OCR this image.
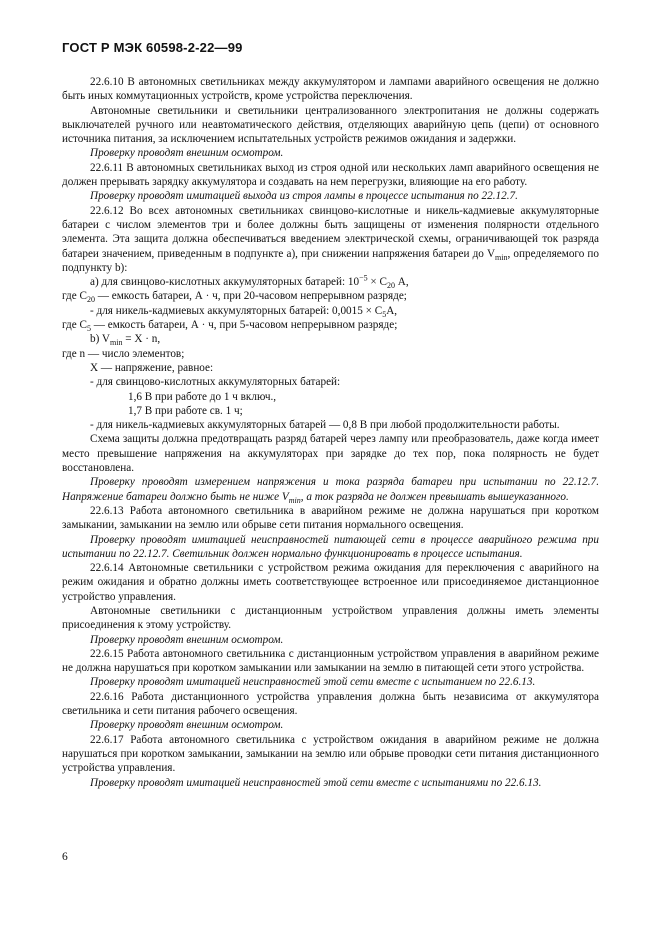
ГОСТ Р МЭК 60598-2-22—99

22.6.10 В автономных светильниках между аккумулятором и лампами аварийного освещения не должно быть иных коммутационных устройств, кроме устройства переключения.

Автономные светильники и светильники централизованного электропитания не должны содержать выключателей ручного или неавтоматического действия, отделяющих аварийную цепь (цепи) от основного источника питания, за исключением испытательных устройств режимов ожидания и задержки.

Проверку проводят внешним осмотром.

22.6.11 В автономных светильниках выход из строя одной или нескольких ламп аварийного освещения не должен прерывать зарядку аккумулятора и создавать на нем перегрузки, влияющие на его работу.

Проверку проводят имитацией выхода из строя лампы в процессе испытания по 22.12.7.

22.6.12 Во всех автономных светильниках свинцово-кислотные и никель-кадмиевые аккумуляторные батареи с числом элементов три и более должны быть защищены от изменения полярности отдельного элемента. Эта защита должна обеспечиваться введением электрической схемы, ограничивающей ток разряда батареи значением, приведенным в подпункте а), при снижении напряжения батареи до $V_{min}$, определяемого по подпункту b):

а) для свинцово-кислотных аккумуляторных батарей: $10^{-5} \times C_{20}$ А,

где $C_{20}$ — емкость батареи, А · ч, при 20-часовом непрерывном разряде;

- для никель-кадмиевых аккумуляторных батарей: $0,0015 \times C_5А$,

где $C_5$ — емкость батареи, А · ч, при 5-часовом непрерывном разряде;

b) $V_{min} = X \cdot n$,

где n — число элементов;

X — напряжение, равное:

- для свинцово-кислотных аккумуляторных батарей:

1,6 В при работе до 1 ч включ.,

1,7 В при работе св. 1 ч;

- для никель-кадмиевых аккумуляторных батарей — 0,8 В при любой продолжительности работы.

Схема защиты должна предотвращать разряд батарей через лампу или преобразователь, даже когда имеет место превышение напряжения на аккумуляторах при зарядке до тех пор, пока полярность не будет восстановлена.

Проверку проводят измерением напряжения и тока разряда батареи при испытании по 22.12.7. Напряжение батареи должно быть не ниже $V_{min}$, а ток разряда не должен превышать вышеуказанного.

22.6.13 Работа автономного светильника в аварийном режиме не должна нарушаться при коротком замыкании, замыкании на землю или обрыве сети питания нормального освещения.

Проверку проводят имитацией неисправностей питающей сети в процессе аварийного режима при испытании по 22.12.7. Светильник должен нормально функционировать в процессе испытания.

22.6.14 Автономные светильники с устройством режима ожидания для переключения с аварийного на режим ожидания и обратно должны иметь соответствующее встроенное или присоединяемое дистанционное устройство управления.

Автономные светильники с дистанционным устройством управления должны иметь элементы присоединения к этому устройству.

Проверку проводят внешним осмотром.

22.6.15 Работа автономного светильника с дистанционным устройством управления в аварийном режиме не должна нарушаться при коротком замыкании или замыкании на землю в питающей сети этого устройства.

Проверку проводят имитацией неисправностей этой сети вместе с испытанием по 22.6.13.

22.6.16 Работа дистанционного устройства управления должна быть независима от аккумулятора светильника и сети питания рабочего освещения.

Проверку проводят внешним осмотром.

22.6.17 Работа автономного светильника с устройством ожидания в аварийном режиме не должна нарушаться при коротком замыкании, замыкании на землю или обрыве проводки сети питания дистанционного устройства управления.

Проверку проводят имитацией неисправностей этой сети вместе с испытаниями по 22.6.13.

6
